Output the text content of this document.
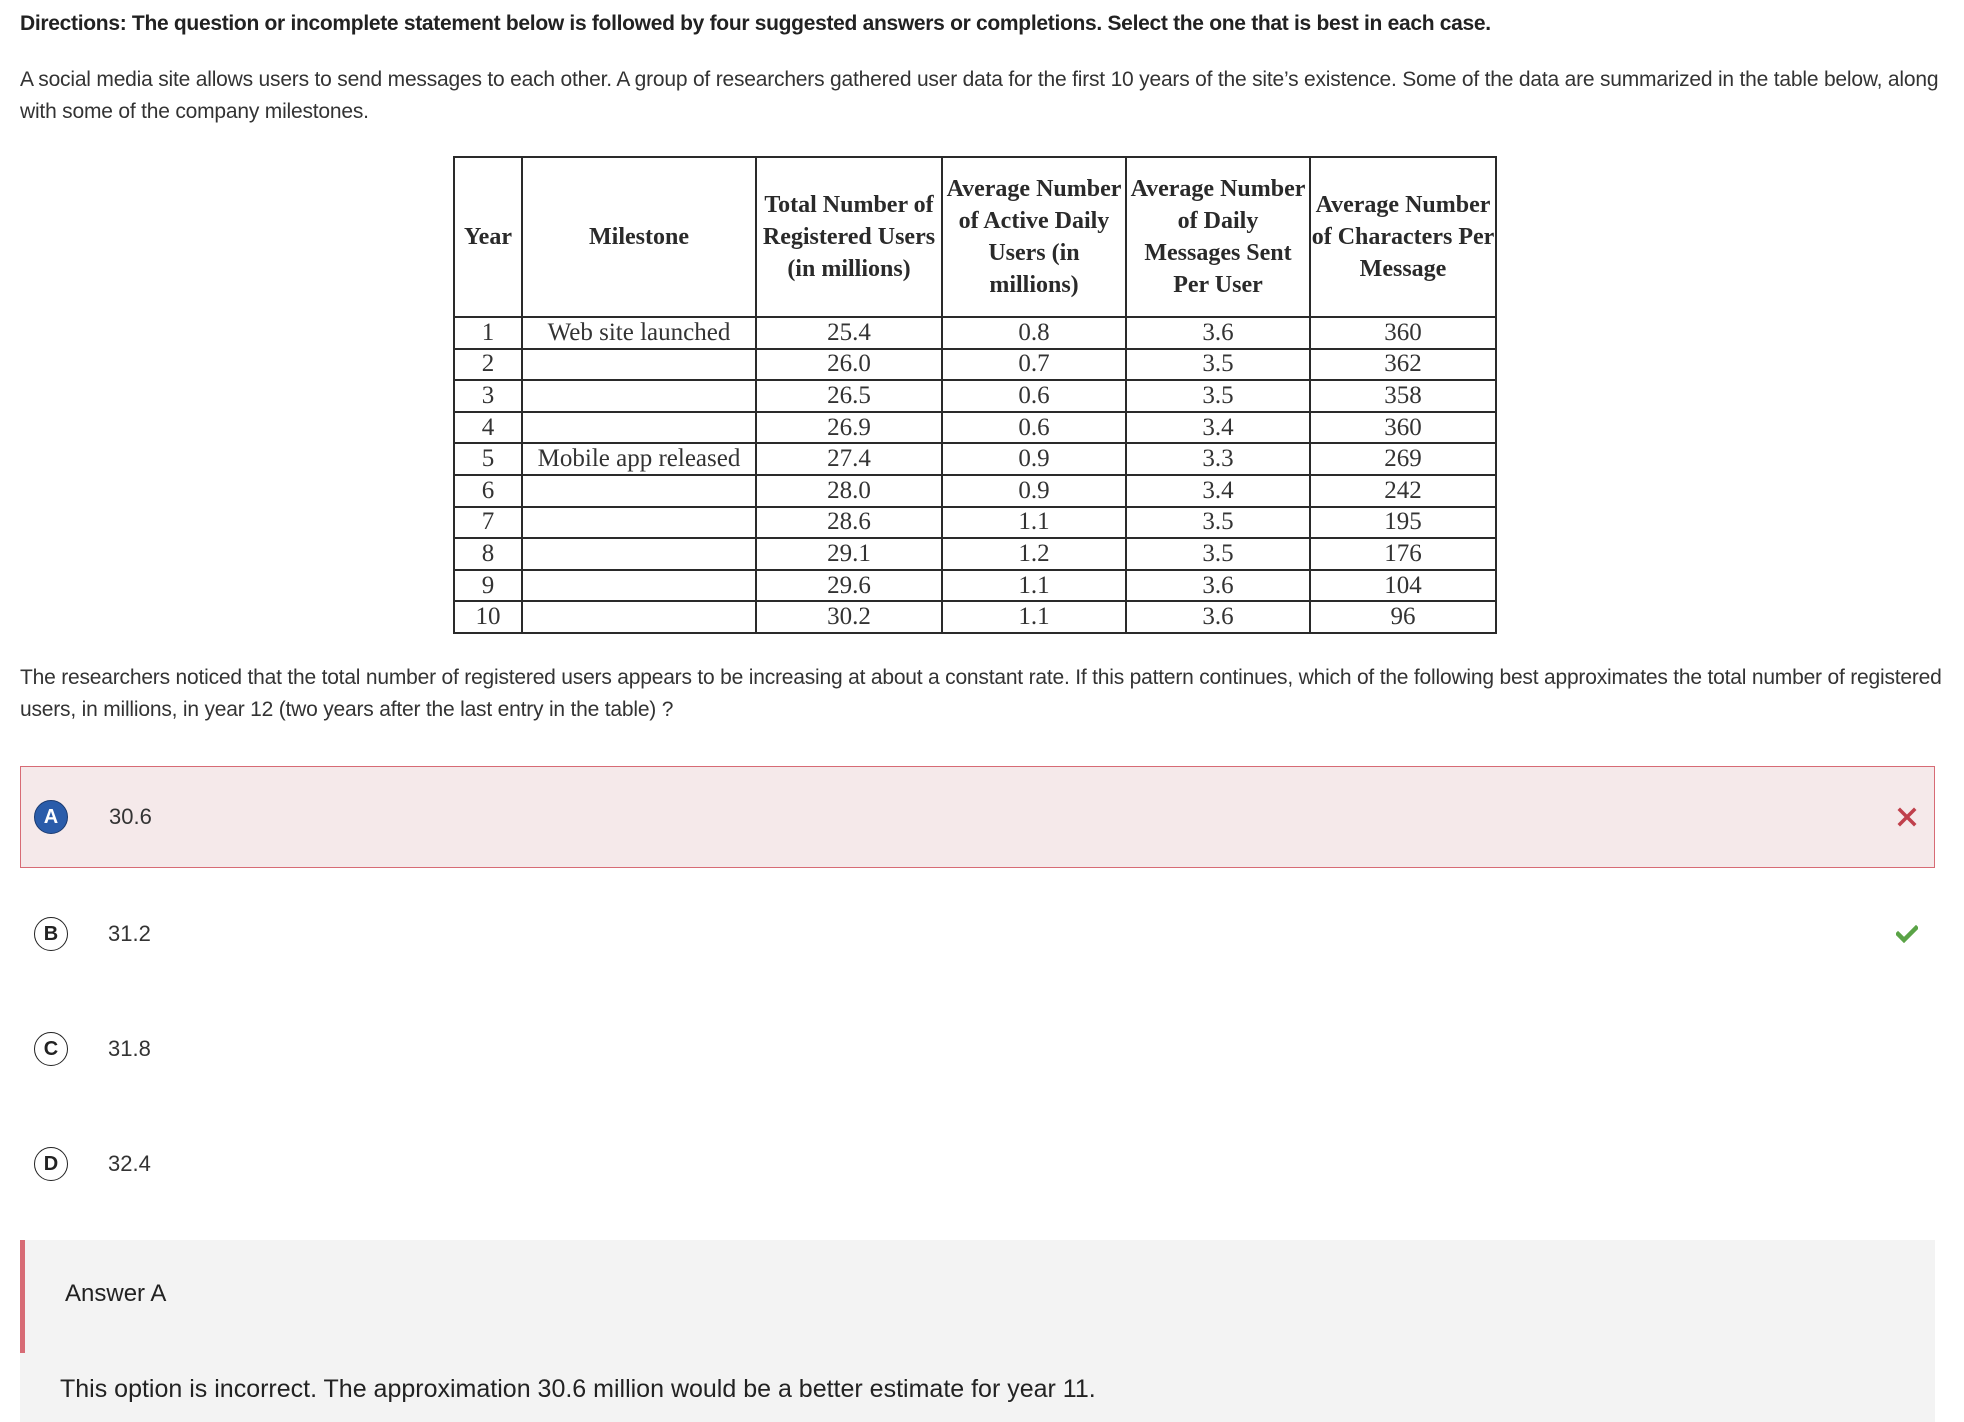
Directions: The question or incomplete statement below is followed by four suggested answers or completions. Select the one that is best in each case.
A social media site allows users to send messages to each other. A group of researchers gathered user data for the first 10 years of the site’s existence. Some of the data are summarized in the table below, along with some of the company milestones.
Year	Milestone	Total Number of Registered Users (in millions)	Average Number of Active Daily Users (in millions)	Average Number of Daily Messages Sent Per User	Average Number of Characters Per Message
1	Web site launched	25.4	0.8	3.6	360
2		26.0	0.7	3.5	362
3		26.5	0.6	3.5	358
4		26.9	0.6	3.4	360
5	Mobile app released	27.4	0.9	3.3	269
6		28.0	0.9	3.4	242
7		28.6	1.1	3.5	195
8		29.1	1.2	3.5	176
9		29.6	1.1	3.6	104
10		30.2	1.1	3.6	96
The researchers noticed that the total number of registered users appears to be increasing at about a constant rate. If this pattern continues, which of the following best approximates the total number of registered users, in millions, in year 12 (two years after the last entry in the table) ?
A	30.6
B	31.2
C	31.8
D	32.4
Answer A
This option is incorrect. The approximation 30.6 million would be a better estimate for year 11.
